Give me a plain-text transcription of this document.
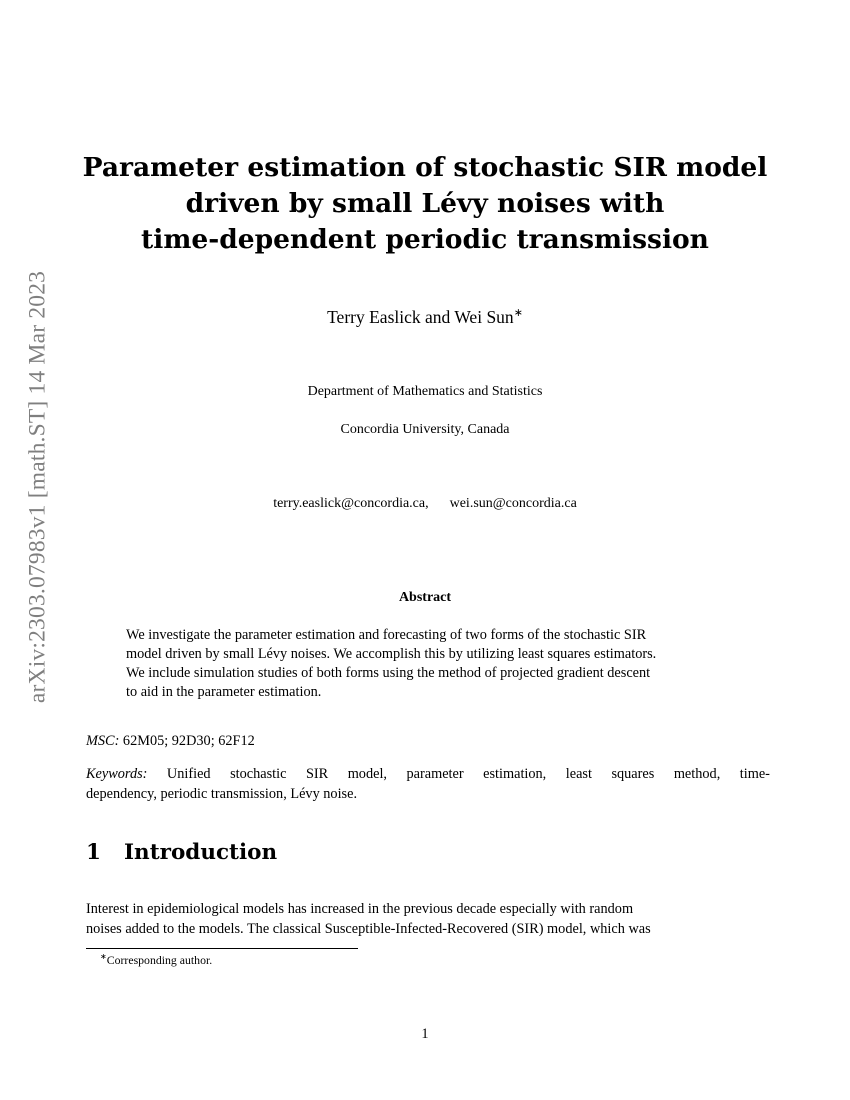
arXiv:2303.07983v1 [math.ST] 14 Mar 2023
Parameter estimation of stochastic SIR model
driven by small Lévy noises with
time-dependent periodic transmission
Terry Easlick and Wei Sun∗
Department of Mathematics and Statistics
Concordia University, Canada
terry.easlick@concordia.ca, wei.sun@concordia.ca
Abstract
We investigate the parameter estimation and forecasting of two forms of the stochastic SIR
model driven by small Lévy noises. We accomplish this by utilizing least squares estimators.
We include simulation studies of both forms using the method of projected gradient descent
to aid in the parameter estimation.
MSC: 62M05; 92D30; 62F12
Keywords: Unified stochastic SIR model, parameter estimation, least squares method, time-
dependency, periodic transmission, Lévy noise.
1 Introduction
Interest in epidemiological models has increased in the previous decade especially with random
noises added to the models. The classical Susceptible-Infected-Recovered (SIR) model, which was
∗Corresponding author.
1
